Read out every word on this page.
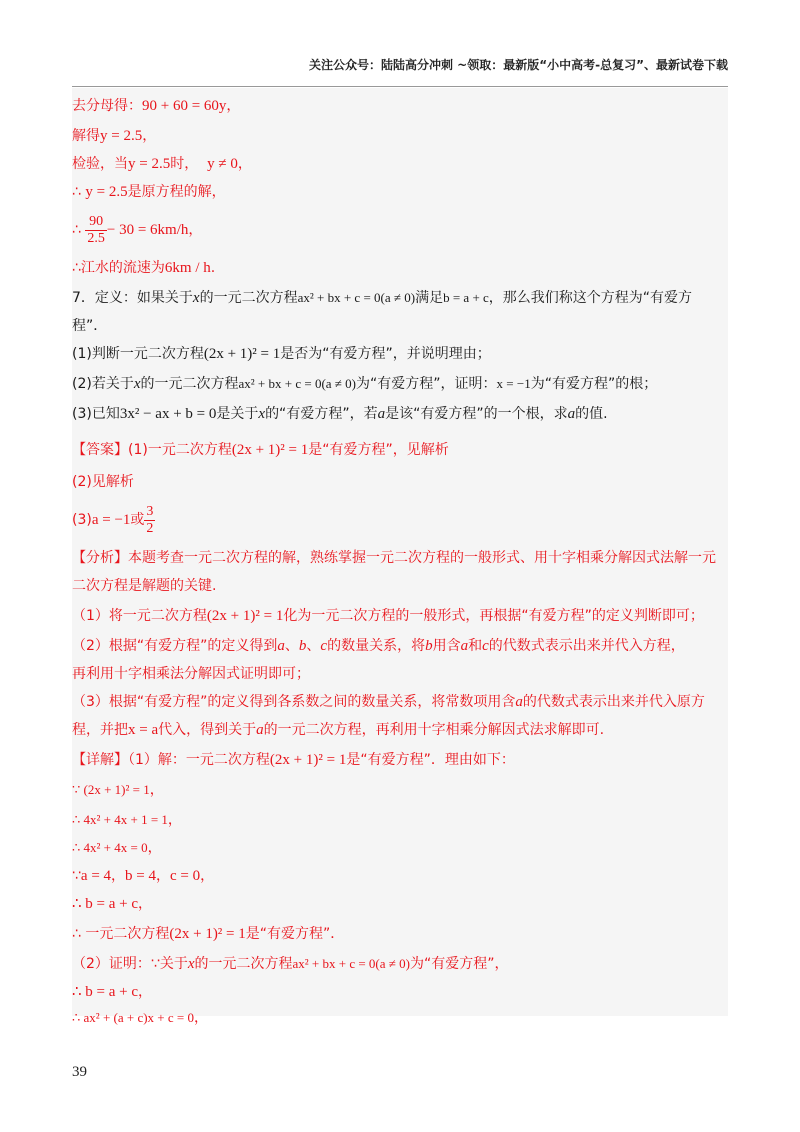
关注公众号：陆陆高分冲刺 ~领取：最新版“小中高考-总复习”、最新试卷下载
去分母得：90 + 60 = 60y，
解得y = 2.5，
检验，当y = 2.5时， y ≠ 0，
∴ y = 2.5是原方程的解，
∴ $\frac{90}{2.5} - 30 = 6km/h$，
∴江水的流速为6km / h.
7．定义：如果关于x的一元二次方程ax² + bx + c = 0(a ≠ 0)满足b = a + c，那么我们称这个方程为“有爱方
程”．
(1)判断一元二次方程(2x + 1)² = 1是否为“有爱方程”，并说明理由；
(2)若关于x的一元二次方程ax² + bx + c = 0(a ≠ 0)为“有爱方程”，证明：x = −1为“有爱方程”的根；
(3)已知3x² − ax + b = 0是关于x的“有爱方程”，若a是该“有爱方程”的一个根，求a的值.
【答案】(1)一元二次方程(2x + 1)² = 1是“有爱方程”，见解析
(2)见解析
(3)a = −1或 $\frac{3}{2}$
【分析】本题考查一元二次方程的解，熟练掌握一元二次方程的一般形式、用十字相乘分解因式法解一元
二次方程是解题的关键.
（1）将一元二次方程(2x + 1)² = 1化为一元二次方程的一般形式，再根据“有爱方程”的定义判断即可；
（2）根据“有爱方程”的定义得到a、b、c的数量关系，将b用含a和c的代数式表示出来并代入方程，
再利用十字相乘法分解因式证明即可；
（3）根据“有爱方程”的定义得到各系数之间的数量关系，将常数项用含a的代数式表示出来并代入原方
程，并把x = a代入，得到关于a的一元二次方程，再利用十字相乘分解因式法求解即可.
【详解】（1）解：一元二次方程(2x + 1)² = 1是“有爱方程”．理由如下：
∵ (2x + 1)² = 1，
∴ 4x² + 4x + 1 = 1，
∴ 4x² + 4x = 0，
∵a = 4，b = 4，c = 0，
∴ b = a + c，
∴ 一元二次方程(2x + 1)² = 1是“有爱方程”．
（2）证明：∵关于x的一元二次方程ax² + bx + c = 0(a ≠ 0)为“有爱方程”，
∴ b = a + c，
∴ ax² + (a + c)x + c = 0，
39
